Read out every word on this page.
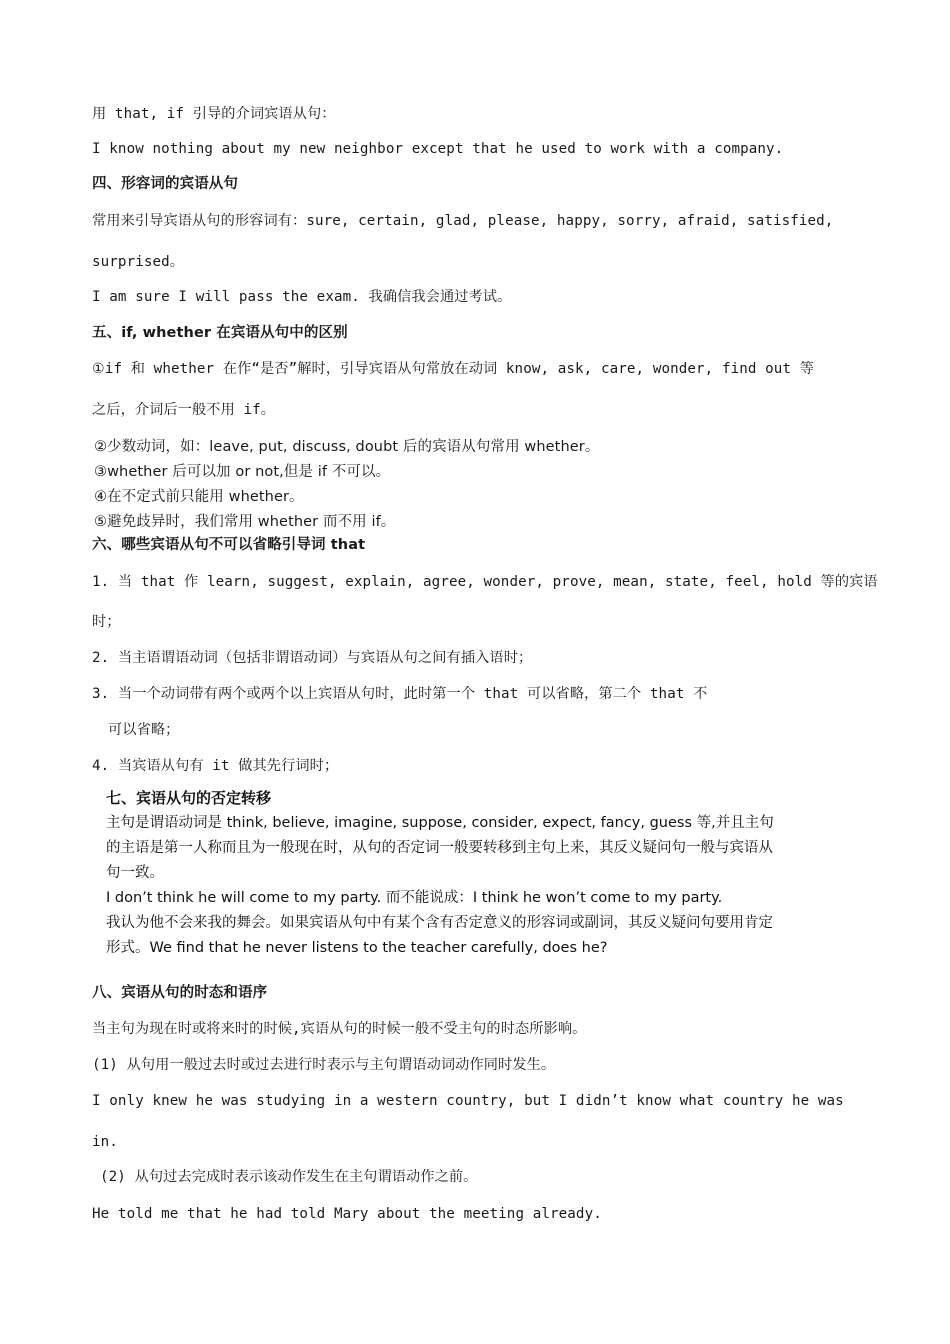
用 that, if 引导的介词宾语从句：
I know nothing about my new neighbor except that he used to work with a company.
四、形容词的宾语从句
常用来引导宾语从句的形容词有：sure, certain, glad, please, happy, sorry, afraid, satisfied,
surprised。
I am sure I will pass the exam. 我确信我会通过考试。
五、if, whether 在宾语从句中的区别
①if 和 whether 在作“是否”解时，引导宾语从句常放在动词 know, ask, care, wonder, find out 等
之后，介词后一般不用 if。
②少数动词，如：leave, put, discuss, doubt 后的宾语从句常用 whether。
③whether 后可以加 or not,但是 if 不可以。
④在不定式前只能用 whether。
⑤避免歧异时，我们常用 whether 而不用 if。
六、哪些宾语从句不可以省略引导词 that
1. 当 that 作 learn, suggest, explain, agree, wonder, prove, mean, state, feel, hold 等的宾语
时；
2. 当主语谓语动词（包括非谓语动词）与宾语从句之间有插入语时；
3. 当一个动词带有两个或两个以上宾语从句时，此时第一个 that 可以省略，第二个 that 不
可以省略；
4. 当宾语从句有 it 做其先行词时；
七、宾语从句的否定转移
主句是谓语动词是 think, believe, imagine, suppose, consider, expect, fancy, guess 等,并且主句
的主语是第一人称而且为一般现在时，从句的否定词一般要转移到主句上来，其反义疑问句一般与宾语从
句一致。
I don’t think he will come to my party. 而不能说成：I think he won’t come to my party.
我认为他不会来我的舞会。如果宾语从句中有某个含有否定意义的形容词或副词，其反义疑问句要用肯定
形式。We find that he never listens to the teacher carefully, does he?
八、宾语从句的时态和语序
当主句为现在时或将来时的时候,宾语从句的时候一般不受主句的时态所影响。
(1) 从句用一般过去时或过去进行时表示与主句谓语动词动作同时发生。
I only knew he was studying in a western country, but I didn’t know what country he was
in.
(2) 从句过去完成时表示该动作发生在主句谓语动作之前。
He told me that he had told Mary about the meeting already.
